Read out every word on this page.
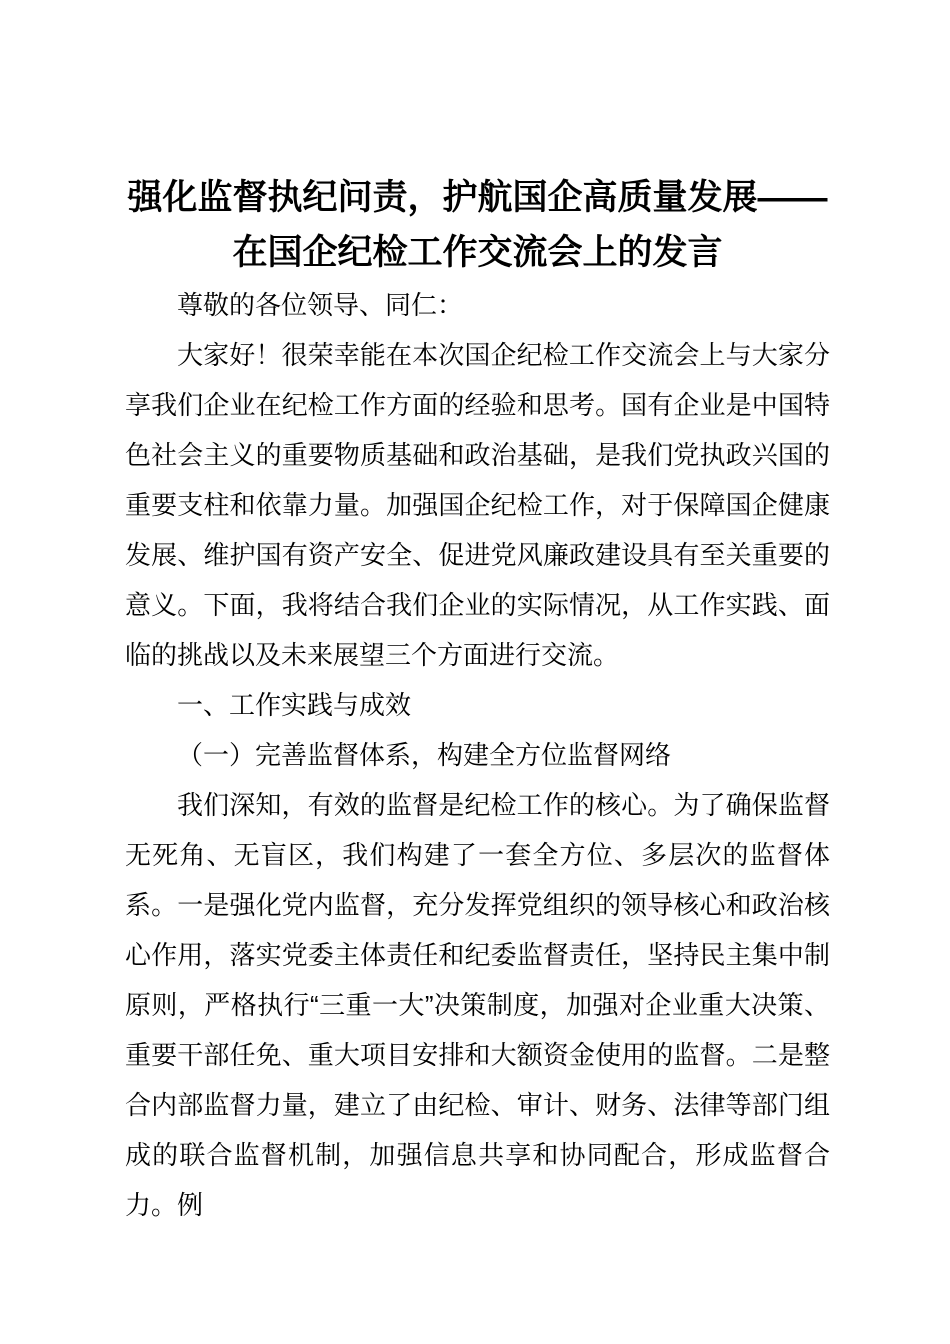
强化监督执纪问责，护航国企高质量发展——
在国企纪检工作交流会上的发言

尊敬的各位领导、同仁：

大家好！很荣幸能在本次国企纪检工作交流会上与大家分享我们企业在纪检工作方面的经验和思考。国有企业是中国特色社会主义的重要物质基础和政治基础，是我们党执政兴国的重要支柱和依靠力量。加强国企纪检工作，对于保障国企健康发展、维护国有资产安全、促进党风廉政建设具有至关重要的意义。下面，我将结合我们企业的实际情况，从工作实践、面临的挑战以及未来展望三个方面进行交流。

一、工作实践与成效

（一）完善监督体系，构建全方位监督网络

我们深知，有效的监督是纪检工作的核心。为了确保监督无死角、无盲区，我们构建了一套全方位、多层次的监督体系。一是强化党内监督，充分发挥党组织的领导核心和政治核心作用，落实党委主体责任和纪委监督责任，坚持民主集中制原则，严格执行“三重一大”决策制度，加强对企业重大决策、重要干部任免、重大项目安排和大额资金使用的监督。二是整合内部监督力量，建立了由纪检、审计、财务、法律等部门组成的联合监督机制，加强信息共享和协同配合，形成监督合力。例
